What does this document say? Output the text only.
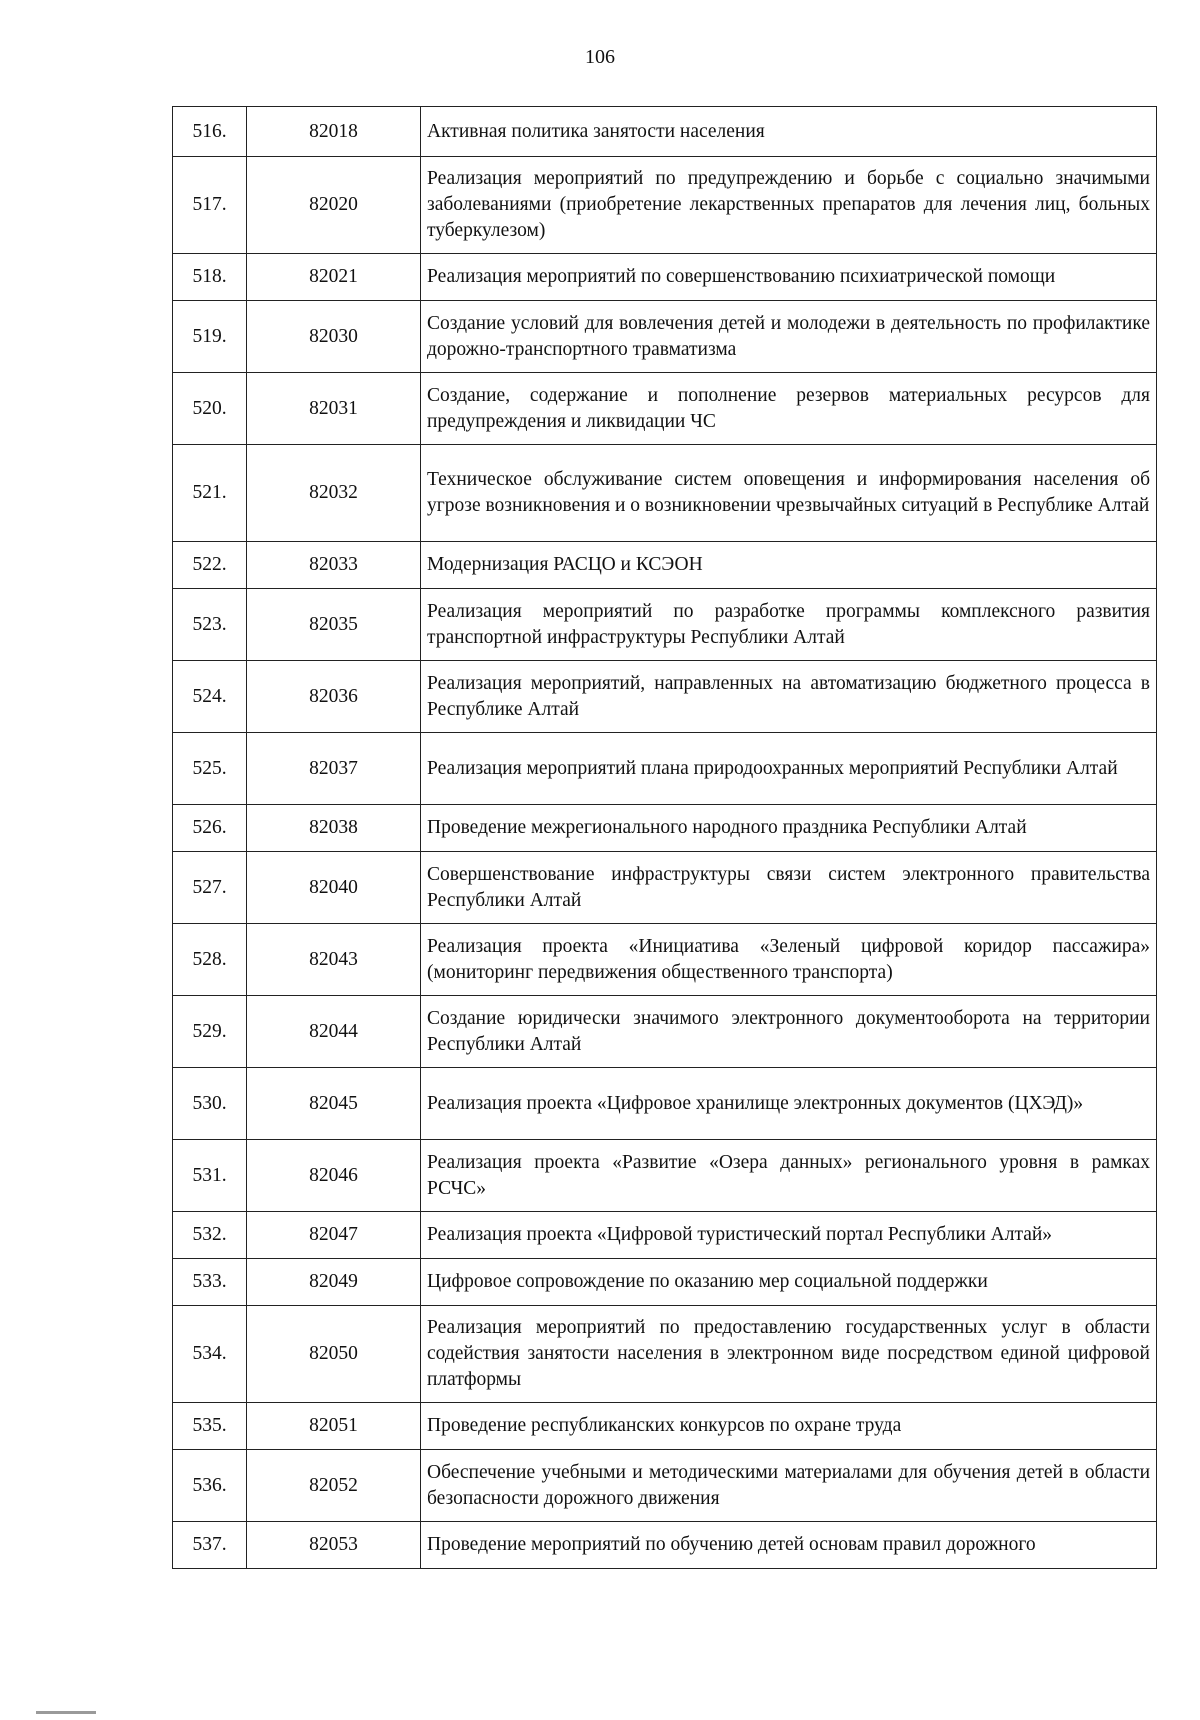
106
516.	82018	Активная политика занятости населения
517.	82020	Реализация мероприятий по предупреждению и борьбе с социально значимыми заболеваниями (приобретение лекарственных препаратов для лечения лиц, больных туберкулезом)
518.	82021	Реализация мероприятий по совершенствованию психиатрической помощи
519.	82030	Создание условий для вовлечения детей и молодежи в деятельность по профилактике дорожно-транспортного травматизма
520.	82031	Создание, содержание и пополнение резервов материальных ресурсов для предупреждения и ликвидации ЧС
521.	82032	Техническое обслуживание систем оповещения и информирования населения об угрозе возникновения и о возникновении чрезвычайных ситуаций в Республике Алтай
522.	82033	Модернизация РАСЦО и КСЭОН
523.	82035	Реализация мероприятий по разработке программы комплексного развития транспортной инфраструктуры Республики Алтай
524.	82036	Реализация мероприятий, направленных на автоматизацию бюджетного процесса в Республике Алтай
525.	82037	Реализация мероприятий плана природоохранных мероприятий Республики Алтай
526.	82038	Проведение межрегионального народного праздника Республики Алтай
527.	82040	Совершенствование инфраструктуры связи систем электронного правительства Республики Алтай
528.	82043	Реализация проекта «Инициатива «Зеленый цифровой коридор пассажира» (мониторинг передвижения общественного транспорта)
529.	82044	Создание юридически значимого электронного документооборота на территории Республики Алтай
530.	82045	Реализация проекта «Цифровое хранилище электронных документов (ЦХЭД)»
531.	82046	Реализация проекта «Развитие «Озера данных» регионального уровня в рамках РСЧС»
532.	82047	Реализация проекта «Цифровой туристический портал Республики Алтай»
533.	82049	Цифровое сопровождение по оказанию мер социальной поддержки
534.	82050	Реализация мероприятий по предоставлению государственных услуг в области содействия занятости населения в электронном виде посредством единой цифровой платформы
535.	82051	Проведение республиканских конкурсов по охране труда
536.	82052	Обеспечение учебными и методическими материалами для обучения детей в области безопасности дорожного движения
537.	82053	Проведение мероприятий по обучению детей основам правил дорожного
